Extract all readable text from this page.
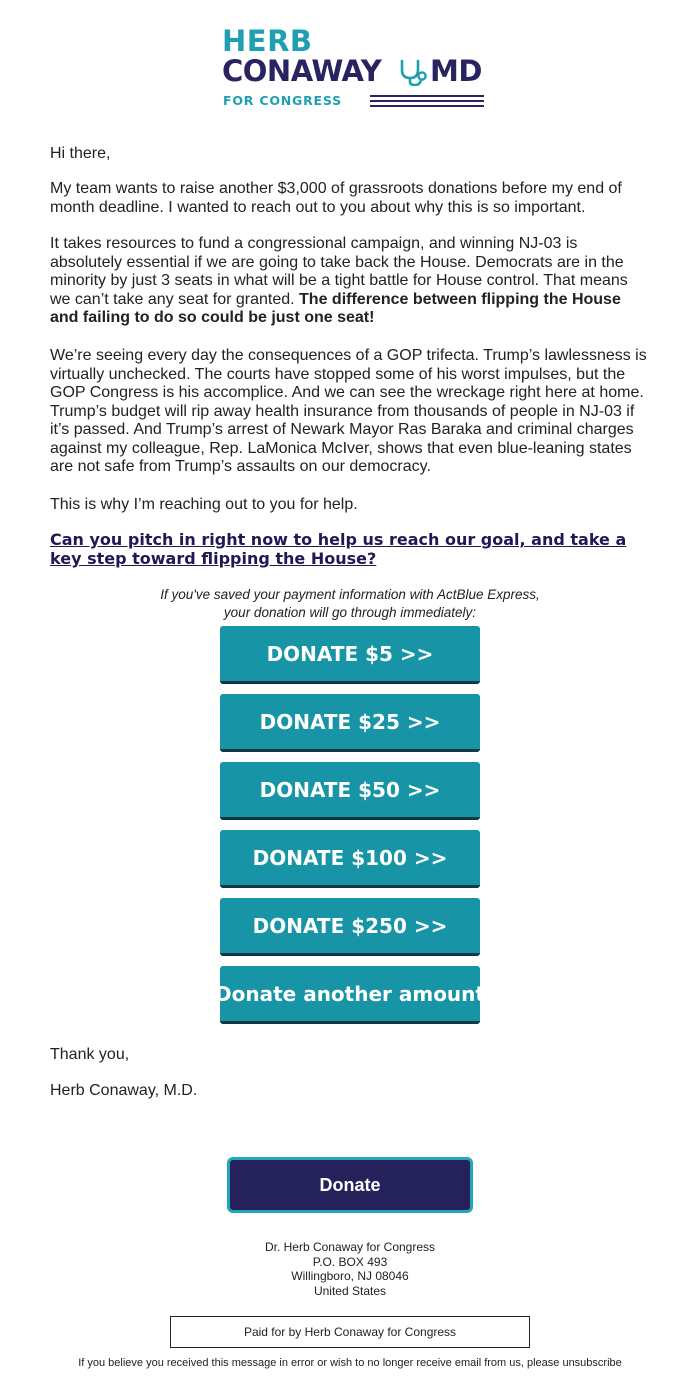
HERB
CONAWAY MD
FOR CONGRESS

Hi there,

My team wants to raise another $3,000 of grassroots donations before my end of month deadline. I wanted to reach out to you about why this is so important.

It takes resources to fund a congressional campaign, and winning NJ-03 is absolutely essential if we are going to take back the House. Democrats are in the minority by just 3 seats in what will be a tight battle for House control. That means we can’t take any seat for granted. The difference between flipping the House and failing to do so could be just one seat!

We’re seeing every day the consequences of a GOP trifecta. Trump’s lawlessness is virtually unchecked. The courts have stopped some of his worst impulses, but the GOP Congress is his accomplice. And we can see the wreckage right here at home. Trump’s budget will rip away health insurance from thousands of people in NJ-03 if it’s passed. And Trump’s arrest of Newark Mayor Ras Baraka and criminal charges against my colleague, Rep. LaMonica McIver, shows that even blue-leaning states are not safe from Trump’s assaults on our democracy.

This is why I’m reaching out to you for help.

Can you pitch in right now to help us reach our goal, and take a key step toward flipping the House?
If you've saved your payment information with ActBlue Express,
your donation will go through immediately:
DONATE $5 >>
DONATE $25 >>
DONATE $50 >>
DONATE $100 >>
DONATE $250 >>
Donate another amount

Thank you,

Herb Conaway, M.D.

Donate
Dr. Herb Conaway for Congress
P.O. BOX 493
Willingboro, NJ 08046
United States
Paid for by Herb Conaway for Congress
If you believe you received this message in error or wish to no longer receive email from us, please unsubscribe
